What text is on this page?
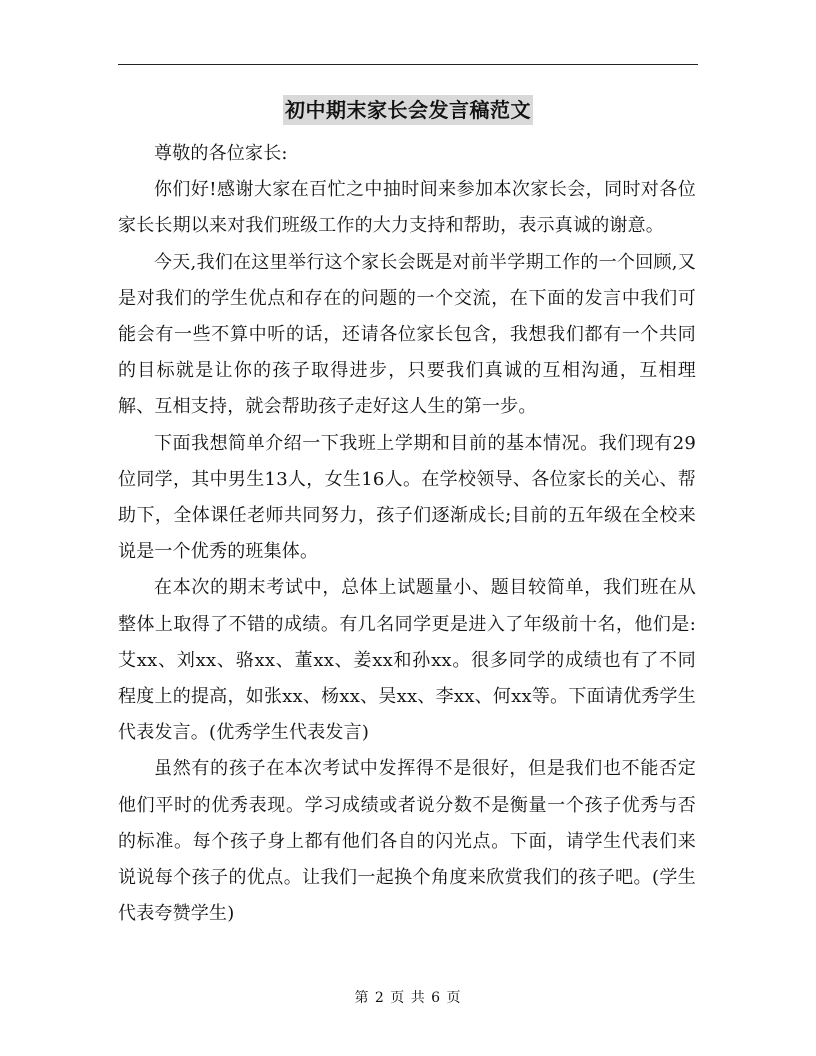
初中期末家长会发言稿范文

尊敬的各位家长:

你们好!感谢大家在百忙之中抽时间来参加本次家长会，同时对各位家长长期以来对我们班级工作的大力支持和帮助，表示真诚的谢意。

今天,我们在这里举行这个家长会既是对前半学期工作的一个回顾,又是对我们的学生优点和存在的问题的一个交流，在下面的发言中我们可能会有一些不算中听的话，还请各位家长包含，我想我们都有一个共同的目标就是让你的孩子取得进步，只要我们真诚的互相沟通，互相理解、互相支持，就会帮助孩子走好这人生的第一步。

下面我想简单介绍一下我班上学期和目前的基本情况。我们现有29位同学，其中男生13人，女生16人。在学校领导、各位家长的关心、帮助下，全体课任老师共同努力，孩子们逐渐成长;目前的五年级在全校来说是一个优秀的班集体。

在本次的期末考试中，总体上试题量小、题目较简单，我们班在从整体上取得了不错的成绩。有几名同学更是进入了年级前十名，他们是:艾xx、刘xx、骆xx、董xx、姜xx和孙xx。很多同学的成绩也有了不同程度上的提高，如张xx、杨xx、吴xx、李xx、何xx等。下面请优秀学生代表发言。(优秀学生代表发言)

虽然有的孩子在本次考试中发挥得不是很好，但是我们也不能否定他们平时的优秀表现。学习成绩或者说分数不是衡量一个孩子优秀与否的标准。每个孩子身上都有他们各自的闪光点。下面，请学生代表们来说说每个孩子的优点。让我们一起换个角度来欣赏我们的孩子吧。(学生代表夸赞学生)

第 2 页 共 6 页
